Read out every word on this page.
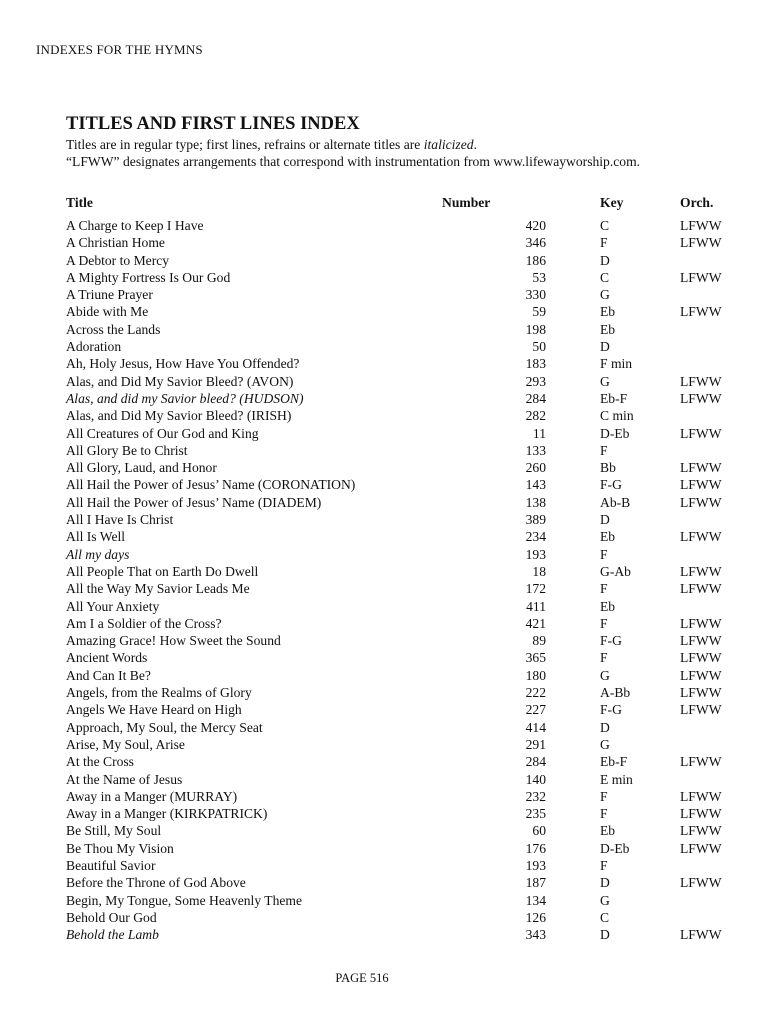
INDEXES FOR THE HYMNS
TITLES AND FIRST LINES INDEX

Titles are in regular type; first lines, refrains or alternate titles are italicized.

“LFWW” designates arrangements that correspond with instrumentation from www.lifewayworship.com.

Title	Number		Key	Orch.
A Charge to Keep I Have	420		C	LFWW
A Christian Home	346		F	LFWW
A Debtor to Mercy	186		D	
A Mighty Fortress Is Our God	53		C	LFWW
A Triune Prayer	330		G	
Abide with Me	59		Eb	LFWW
Across the Lands	198		Eb	
Adoration	50		D	
Ah, Holy Jesus, How Have You Offended?	183		F min	
Alas, and Did My Savior Bleed? (AVON)	293		G	LFWW
Alas, and did my Savior bleed? (HUDSON)	284		Eb-F	LFWW
Alas, and Did My Savior Bleed? (IRISH)	282		C min	
All Creatures of Our God and King	11		D-Eb	LFWW
All Glory Be to Christ	133		F	
All Glory, Laud, and Honor	260		Bb	LFWW
All Hail the Power of Jesus’ Name (CORONATION)	143		F-G	LFWW
All Hail the Power of Jesus’ Name (DIADEM)	138		Ab-B	LFWW
All I Have Is Christ	389		D	
All Is Well	234		Eb	LFWW
All my days	193		F	
All People That on Earth Do Dwell	18		G-Ab	LFWW
All the Way My Savior Leads Me	172		F	LFWW
All Your Anxiety	411		Eb	
Am I a Soldier of the Cross?	421		F	LFWW
Amazing Grace! How Sweet the Sound	89		F-G	LFWW
Ancient Words	365		F	LFWW
And Can It Be?	180		G	LFWW
Angels, from the Realms of Glory	222		A-Bb	LFWW
Angels We Have Heard on High	227		F-G	LFWW
Approach, My Soul, the Mercy Seat	414		D	
Arise, My Soul, Arise	291		G	
At the Cross	284		Eb-F	LFWW
At the Name of Jesus	140		E min	
Away in a Manger (MURRAY)	232		F	LFWW
Away in a Manger (KIRKPATRICK)	235		F	LFWW
Be Still, My Soul	60		Eb	LFWW
Be Thou My Vision	176		D-Eb	LFWW
Beautiful Savior	193		F	
Before the Throne of God Above	187		D	LFWW
Begin, My Tongue, Some Heavenly Theme	134		G	
Behold Our God	126		C	
Behold the Lamb	343		D	LFWW
PAGE 516
